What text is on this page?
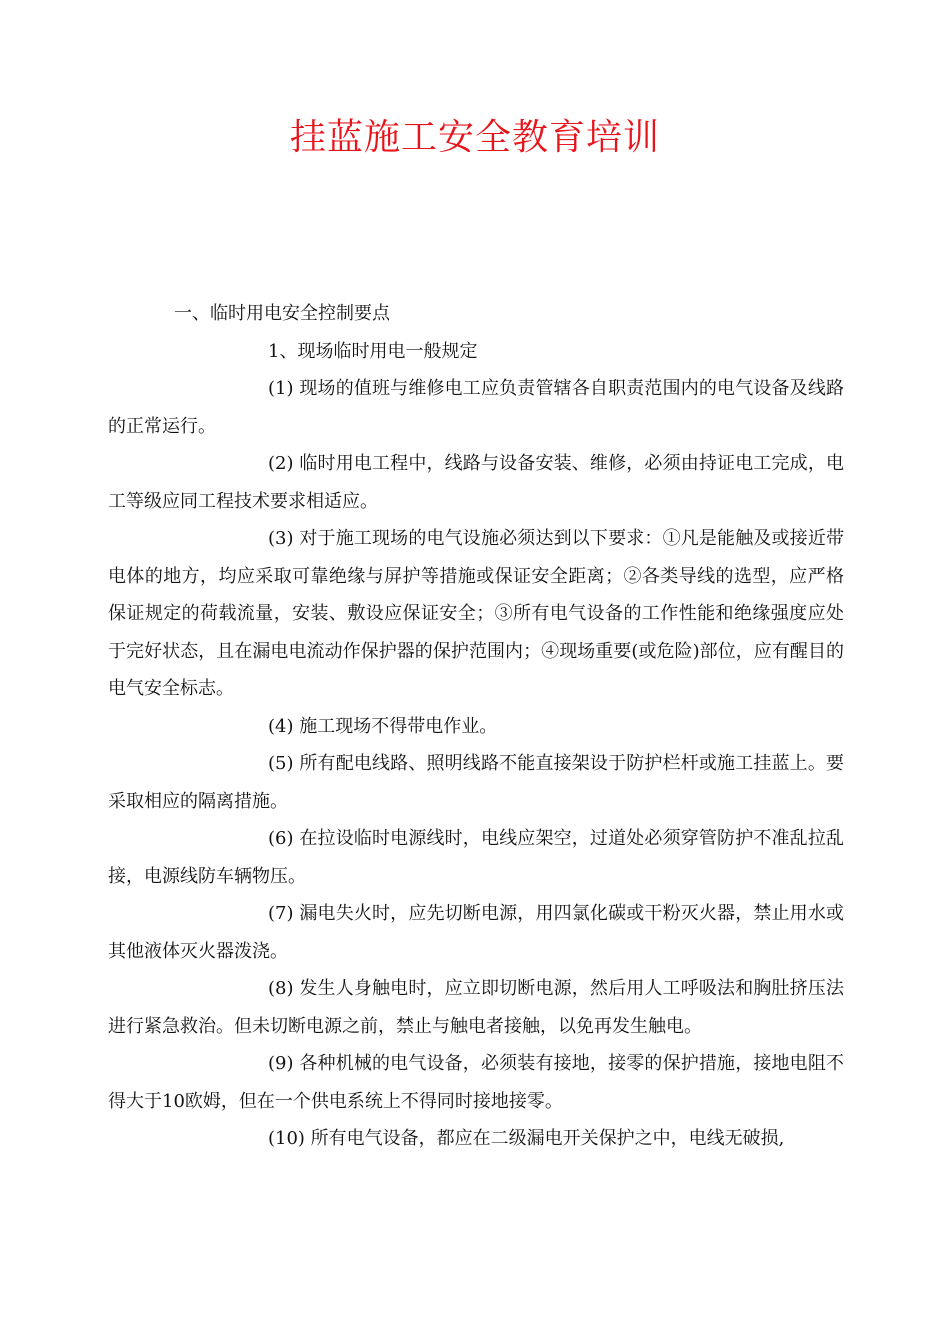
挂蓝施工安全教育培训

一、临时用电安全控制要点

1、现场临时用电一般规定

(1) 现场的值班与维修电工应负责管辖各自职责范围内的电气设备及线路的正常运行。

(2) 临时用电工程中，线路与设备安装、维修，必须由持证电工完成，电工等级应同工程技术要求相适应。

(3) 对于施工现场的电气设施必须达到以下要求：①凡是能触及或接近带电体的地方，均应采取可靠绝缘与屏护等措施或保证安全距离；②各类导线的选型，应严格保证规定的荷载流量，安装、敷设应保证安全；③所有电气设备的工作性能和绝缘强度应处于完好状态，且在漏电电流动作保护器的保护范围内；④现场重要(或危险)部位，应有醒目的电气安全标志。

(4) 施工现场不得带电作业。

(5) 所有配电线路、照明线路不能直接架设于防护栏杆或施工挂蓝上。要采取相应的隔离措施。

(6) 在拉设临时电源线时，电线应架空，过道处必须穿管防护不准乱拉乱接，电源线防车辆物压。

(7) 漏电失火时，应先切断电源，用四氯化碳或干粉灭火器，禁止用水或其他液体灭火器泼浇。

(8) 发生人身触电时，应立即切断电源，然后用人工呼吸法和胸肚挤压法进行紧急救治。但未切断电源之前，禁止与触电者接触，以免再发生触电。

(9) 各种机械的电气设备，必须装有接地，接零的保护措施，接地电阻不得大于10欧姆，但在一个供电系统上不得同时接地接零。

(10) 所有电气设备，都应在二级漏电开关保护之中，电线无破损,
